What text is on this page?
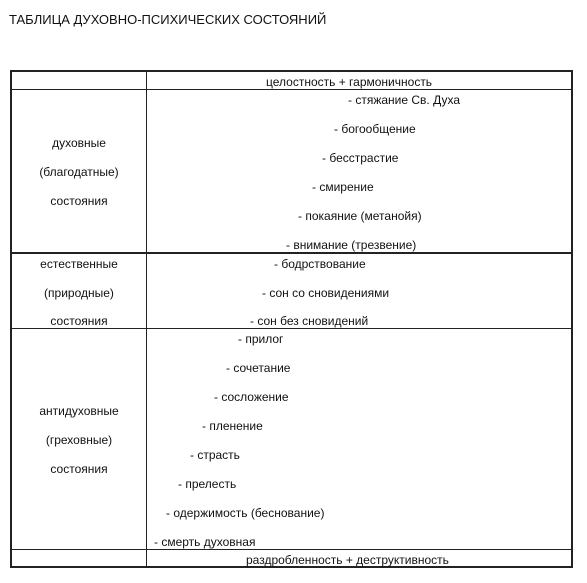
ТАБЛИЦА ДУХОВНО-ПСИХИЧЕСКИХ СОСТОЯНИЙ
целостность + гармоничность
духовные
(благодатные)
состояния
- стяжание Св. Духа
- богообщение
- бесстрастие
- смирение
- покаяние (метанойя)
- внимание (трезвение)
естественные
(природные)
состояния
- бодрствование
- сон со сновидениями
- сон без сновидений
антидуховные
(греховные)
состояния
- прилог
- сочетание
- сосложение
- пленение
- страсть
- прелесть
- одержимость (беснование)
- смерть духовная
раздробленность + деструктивность
